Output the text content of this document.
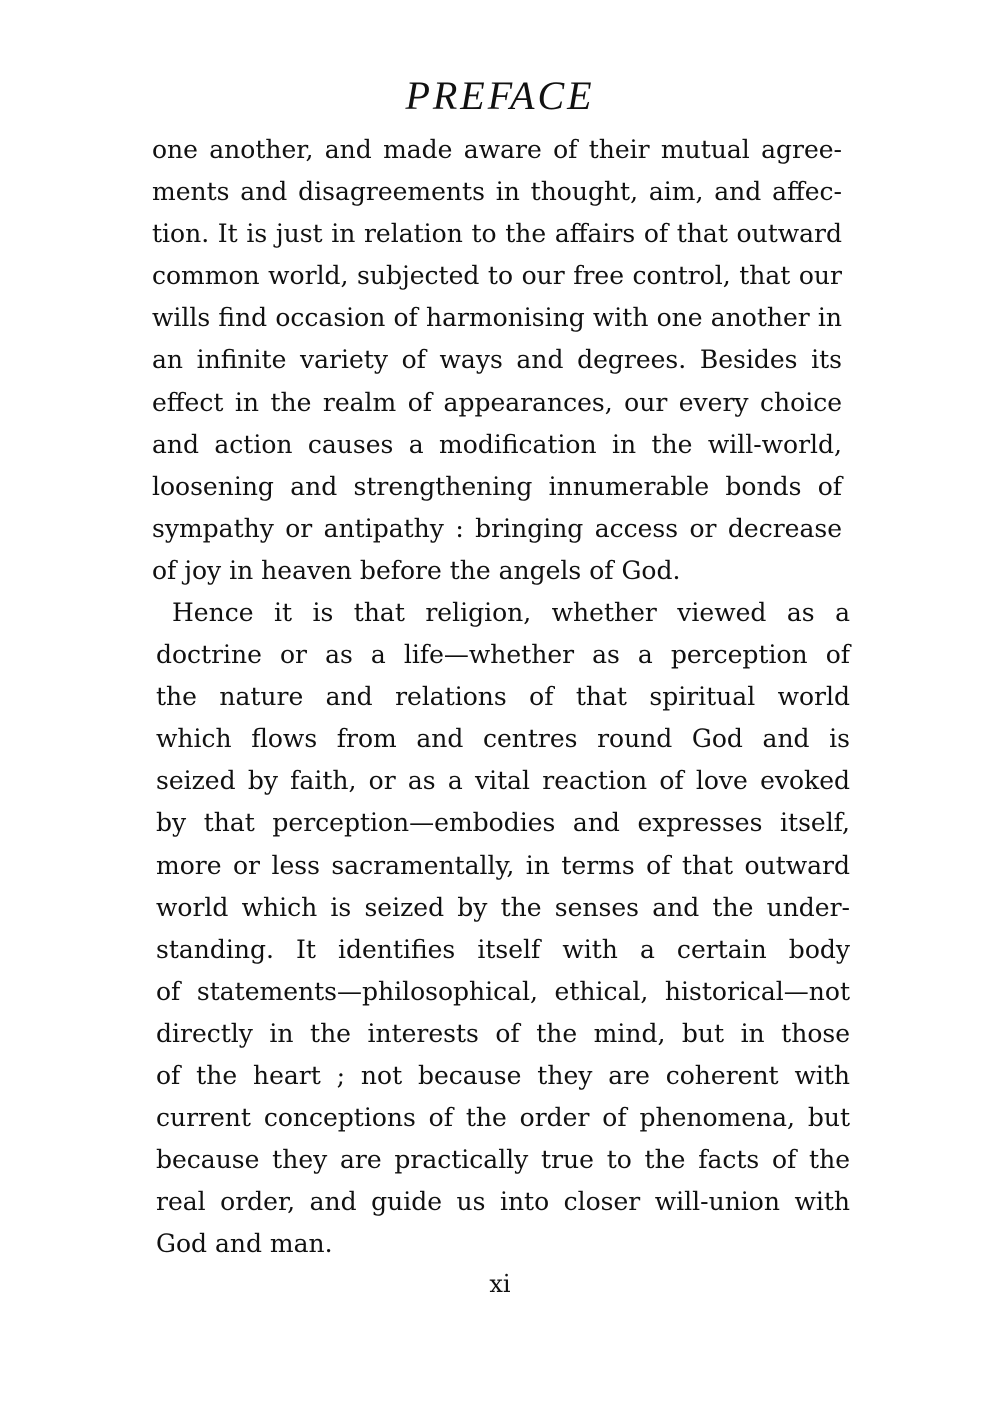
PREFACE
one another, and made aware of their mutual agree-
ments and disagreements in thought, aim, and affec-
tion. It is just in relation to the affairs of that outward
common world, subjected to our free control, that our
wills find occasion of harmonising with one another in
an infinite variety of ways and degrees. Besides its
effect in the realm of appearances, our every choice
and action causes a modification in the will-world,
loosening and strengthening innumerable bonds of
sympathy or antipathy : bringing access or decrease
of joy in heaven before the angels of God.
Hence it is that religion, whether viewed as a
doctrine or as a life—whether as a perception of
the nature and relations of that spiritual world
which flows from and centres round God and is
seized by faith, or as a vital reaction of love evoked
by that perception—embodies and expresses itself,
more or less sacramentally, in terms of that outward
world which is seized by the senses and the under-
standing. It identifies itself with a certain body
of statements—philosophical, ethical, historical—not
directly in the interests of the mind, but in those
of the heart ; not because they are coherent with
current conceptions of the order of phenomena, but
because they are practically true to the facts of the
real order, and guide us into closer will-union with
God and man.
xi
